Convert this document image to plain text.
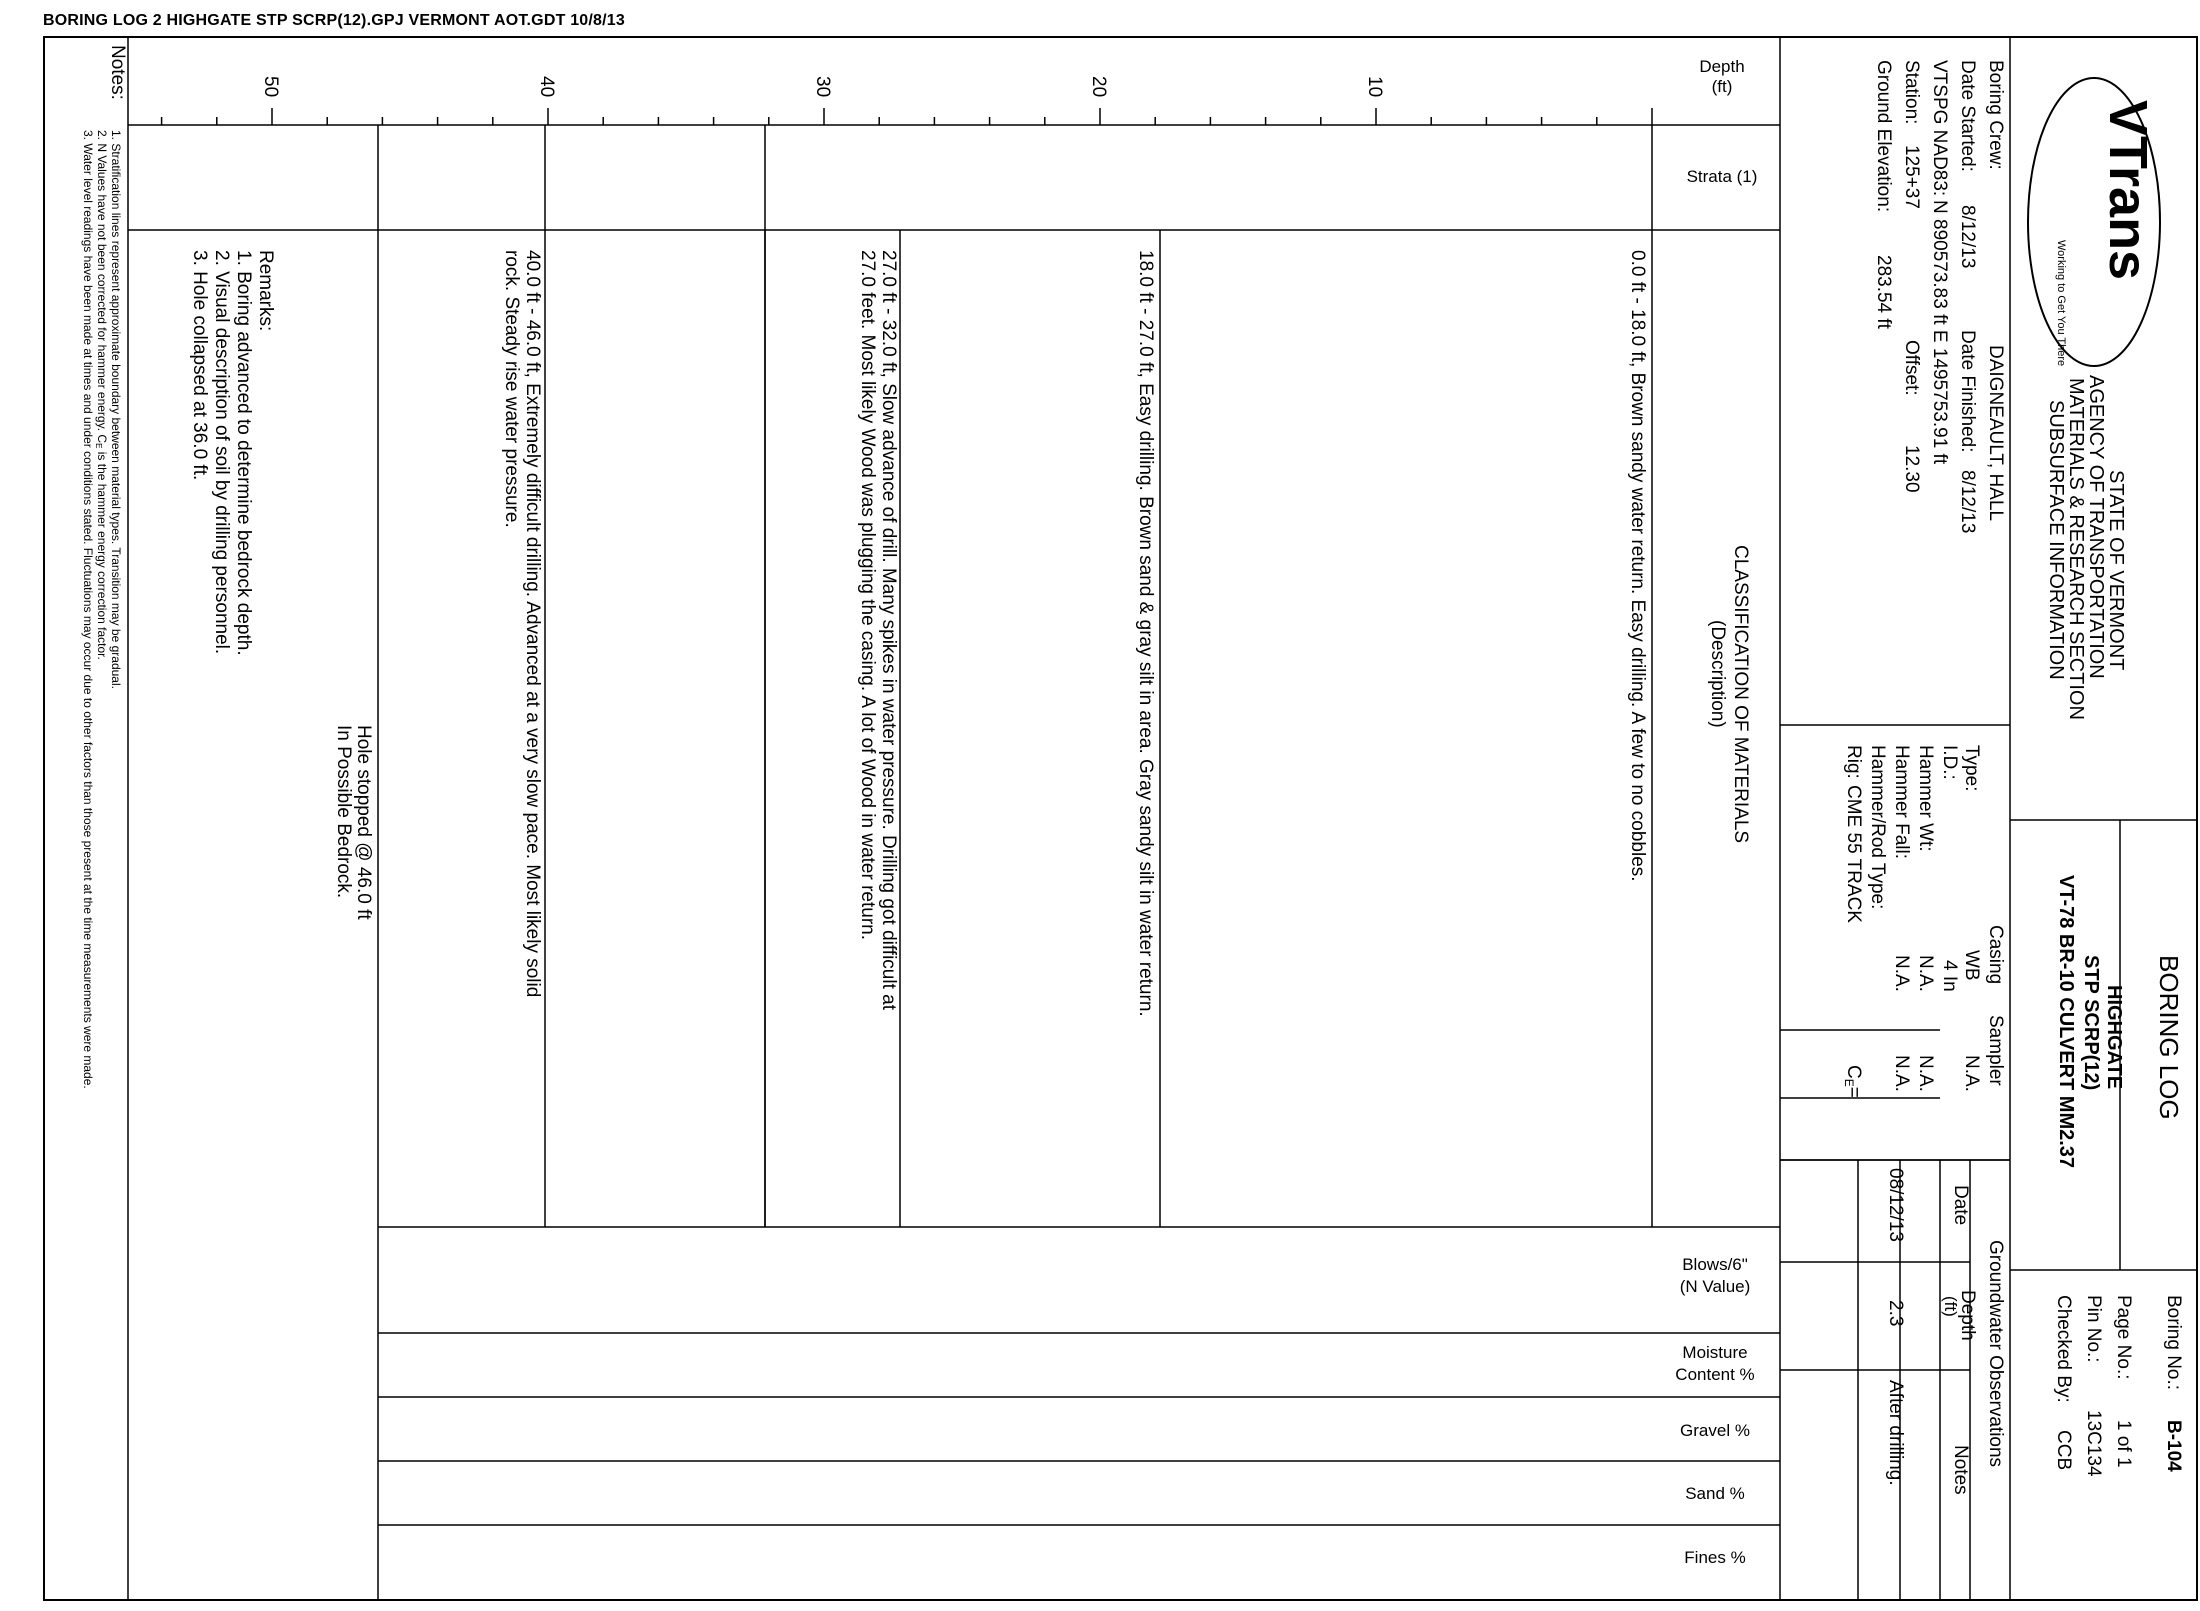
BORING LOG 2 HIGHGATE STP SCRP(12).GPJ VERMONT AOT.GDT 10/8/13
VTrans
Working to Get You There
STATE OF VERMONT
AGENCY OF TRANSPORTATION
MATERIALS & RESEARCH SECTION
SUBSURFACE INFORMATION
BORING LOG
HIGHGATE
STP SCRP(12)
VT-78 BR-10 CULVERT MM2.37
Boring No.:
B-104
Page No.:
1 of 1
Pin No.:
13C134
Checked By:
CCB
Boring Crew:
DAIGNEAULT, HALL
Date Started:
8/12/13
Date Finished:
8/12/13
VTSPG NAD83:
N 890573.83 ft E 1495753.91 ft
Station:
125+37
Offset:
12.30
Ground Elevation:
283.54 ft
Casing
Sampler
Type:
WB
N.A.
I.D.:
4 In
Hammer Wt:
N.A.
N.A.
Hammer Fall:
N.A.
N.A.
Hammer/Rod Type:
Rig:
CME 55 TRACK
CE=
Groundwater Observations
Date
Depth
(ft)
Notes
08/12/13
2.3
After drilling.
Depth
(ft)
Strata (1)
CLASSIFICATION OF MATERIALS
(Description)
Blows/6"
(N Value)
Moisture
Content %
Gravel %
Sand %
Fines %
0.0 ft - 18.0 ft, Brown sandy water return. Easy drilling. A few to no cobbles.
18.0 ft - 27.0 ft, Easy drilling. Brown sand & gray silt in area. Gray sandy silt in water return.
27.0 ft - 32.0 ft, Slow advance of drill. Many spikes in water pressure. Drilling got difficult at
27.0 feet. Most likely Wood was plugging the casing. A lot of Wood in water return.
40.0 ft - 46.0 ft, Extremely difficult drilling. Advanced at a very slow pace. Most likely solid
rock. Steady rise water pressure.
Hole stopped @ 46.0 ft
In Possible Bedrock.
Remarks:
1. Boring advanced to determine bedrock depth.
2. Visual description of soil by drilling personnel.
3. Hole collapsed at 36.0 ft.
Notes:
1. Stratification lines represent approximate boundary between material types. Transition may be gradual.
2. N Values have not been corrected for hammer energy. CE is the hammer energy correction factor.
3. Water level readings have been made at times and under conditions stated. Fluctuations may occur due to other factors than those present at the time measurements were made.
10
20
30
40
50
